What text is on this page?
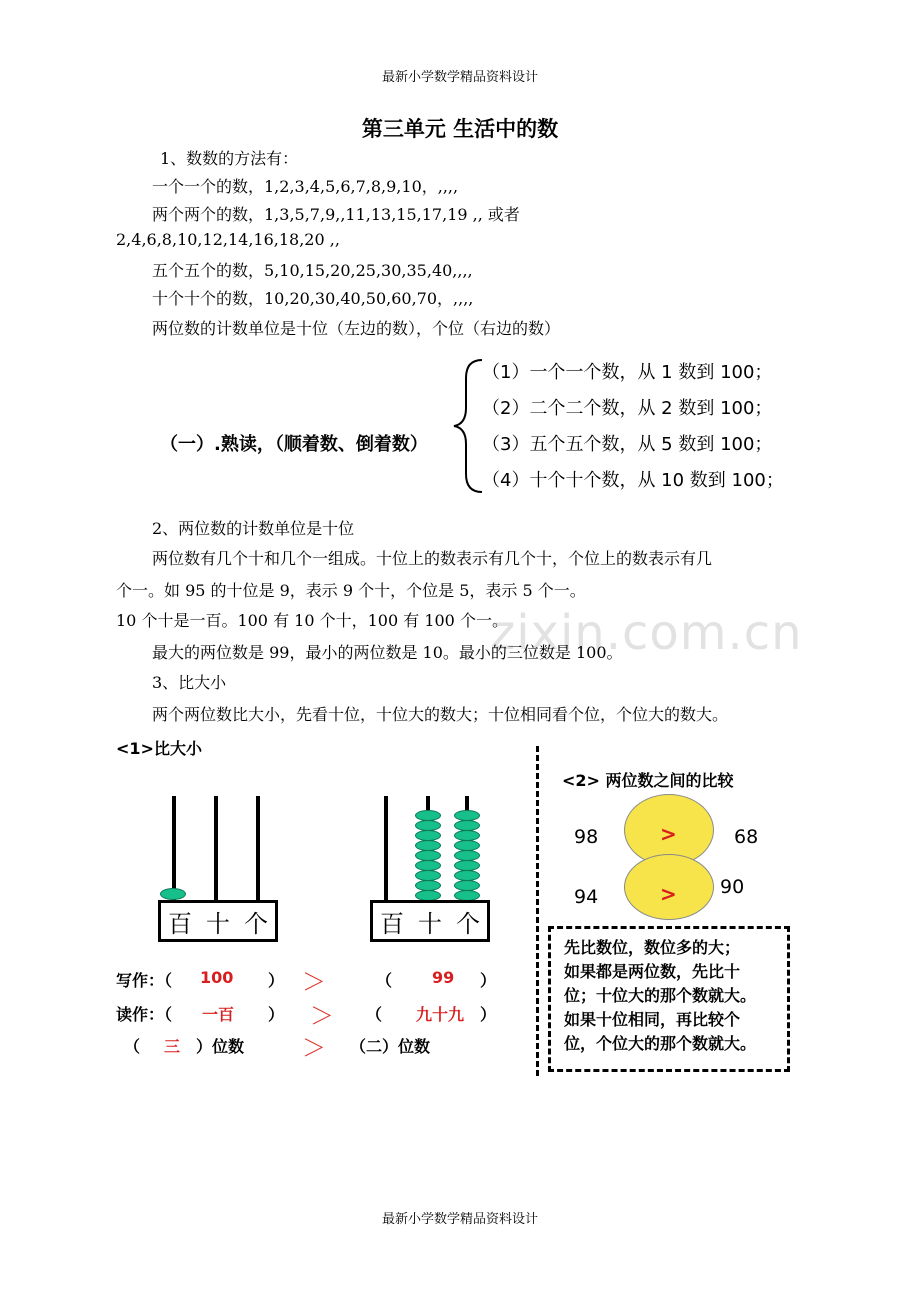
最新小学数学精品资料设计
最新小学数学精品资料设计
第三单元 生活中的数
1、数数的方法有：
一个一个的数，1,2,3,4,5,6,7,8,9,10，,,,,
两个两个的数，1,3,5,7,9,,11,13,15,17,19 ,, 或者
2,4,6,8,10,12,14,16,18,20 ,,
五个五个的数，5,10,15,20,25,30,35,40,,,,
十个十个的数，10,20,30,40,50,60,70，,,,,
两位数的计数单位是十位（左边的数），个位（右边的数）
（一）.熟读，（顺着数、倒着数）
（1）一个一个数，从 1 数到 100；
（2）二个二个数，从 2 数到 100；
（3）五个五个数，从 5 数到 100；
（4）十个十个数，从 10 数到 100；
2、两位数的计数单位是十位
两位数有几个十和几个一组成。十位上的数表示有几个十，个位上的数表示有几
个一。如 95 的十位是 9，表示 9 个十，个位是 5，表示 5 个一。
10 个十是一百。100 有 10 个十，100 有 100 个一。
zixin.com.cn
最大的两位数是 99，最小的两位数是 10。最小的三位数是 100。
3、比大小
两个两位数比大小，先看十位，十位大的数大；十位相同看个位，个位大的数大。
<1>比大小
百 十 个	百 十 个
写作：（ 100 ） ＞	（ 99 ）
读作：（ 一百 ） ＞ （ 九十九 ）
（ 三 ）位数 ＞ （ 二 ）位数
<2> 两位数之间的比较
98	>	68
94	> 90
先比数位，数位多的大；
如果都是两位数，先比十
位；十位大的那个数就大。
如果十位相同，再比较个
位，个位大的那个数就大。
